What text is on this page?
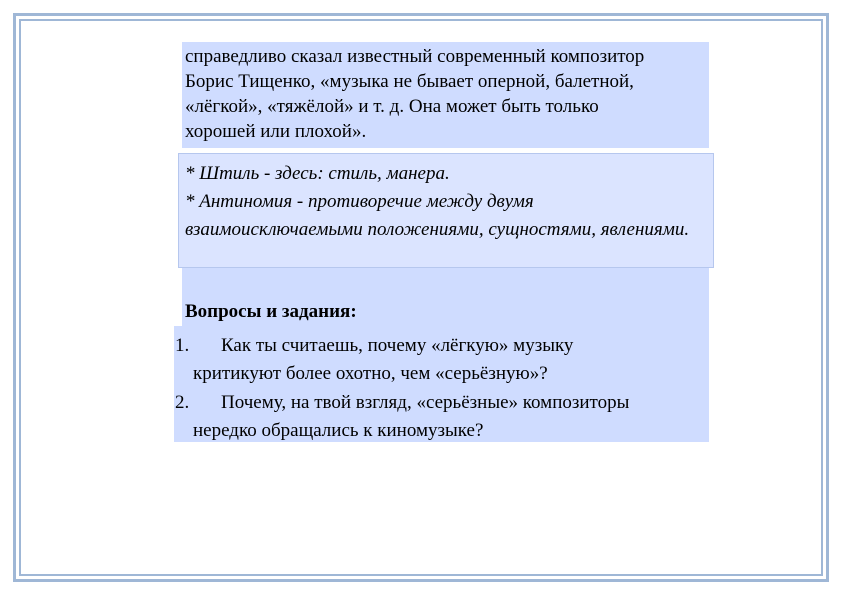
справедливо сказал известный современный композитор
Борис Тищенко, «музыка не бывает оперной, балетной,
«лёгкой», «тяжёлой» и т. д. Она может быть только
хорошей или плохой».

* Штиль - здесь: стиль, манера.

* Антиномия - противоречие между двумя взаимоисключаемыми положениями, сущностями, явлениями.

Вопросы и задания:
1. Как ты считаешь, почему «лёгкую» музыку
критикуют более охотно, чем «серьёзную»?
2. Почему, на твой взгляд, «серьёзные» композиторы
нередко обращались к киномузыке?
